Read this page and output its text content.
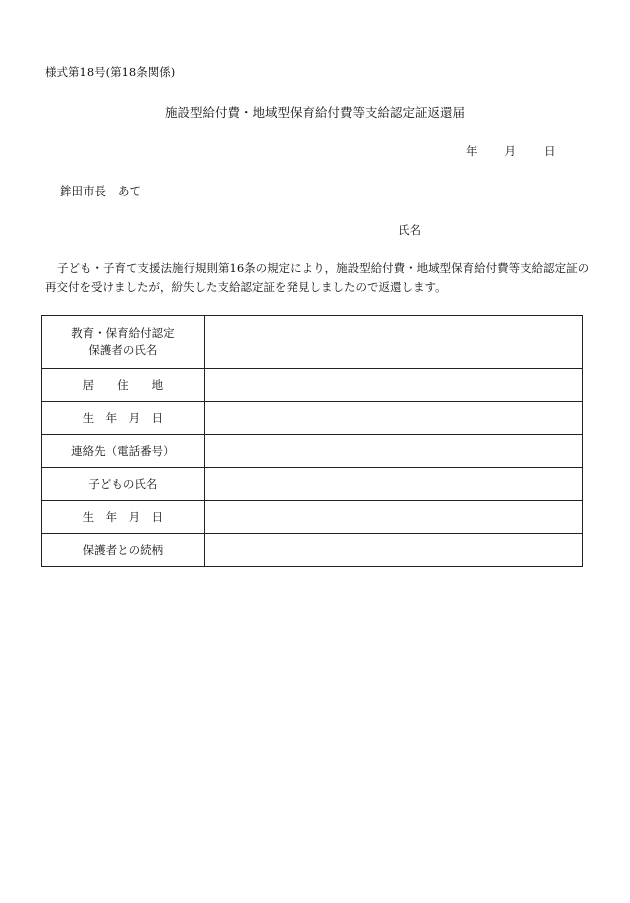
様式第18号(第18条関係)
施設型給付費・地域型保育給付費等支給認定証返還届
年 月 日
鉾田市長 あて
氏名
子ども・子育て支援法施行規則第16条の規定により，施設型給付費・地域型保育給付費等支給認定証の再交付を受けましたが，紛失した支給認定証を発見しましたので返還します。
教育・保育給付認定
保護者の氏名	

居　　住　　地	
生　年　月　日	
連絡先（電話番号）	
子どもの氏名	
生　年　月　日	
保護者との続柄	
